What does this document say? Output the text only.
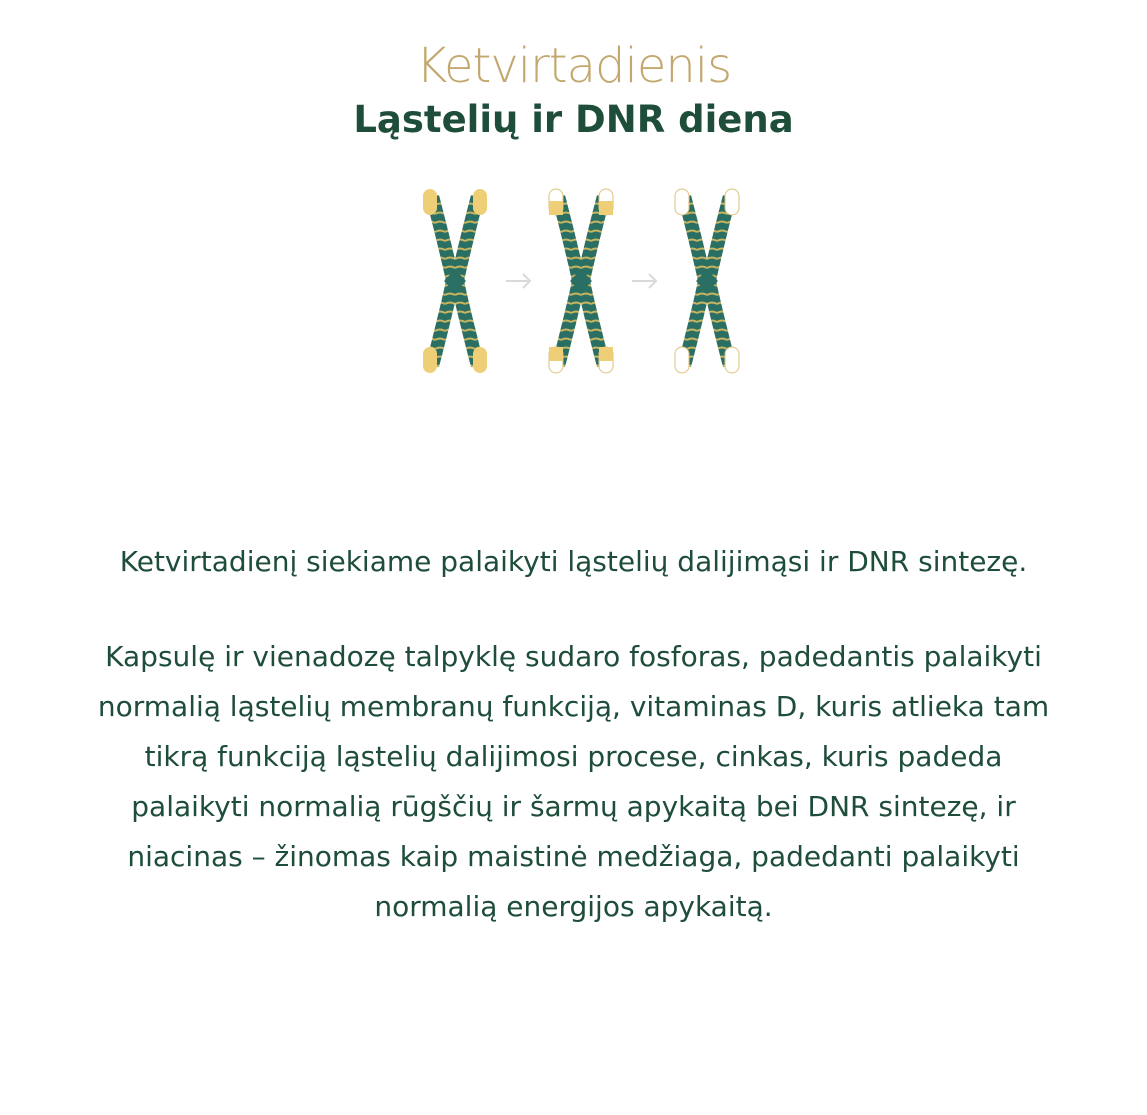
Ketvirtadienis
Ląstelių ir DNR diena

Ketvirtadienį siekiame palaikyti ląstelių dalijimąsi ir DNR sintezę.

Kapsulę ir vienadozę talpyklę sudaro fosforas, padedantis palaikyti normalią ląstelių membranų funkciją, vitaminas D, kuris atlieka tam tikrą funkciją ląstelių dalijimosi procese, cinkas, kuris padeda palaikyti normalią rūgščių ir šarmų apykaitą bei DNR sintezę, ir niacinas – žinomas kaip maistinė medžiaga, padedanti palaikyti normalią energijos apykaitą.
